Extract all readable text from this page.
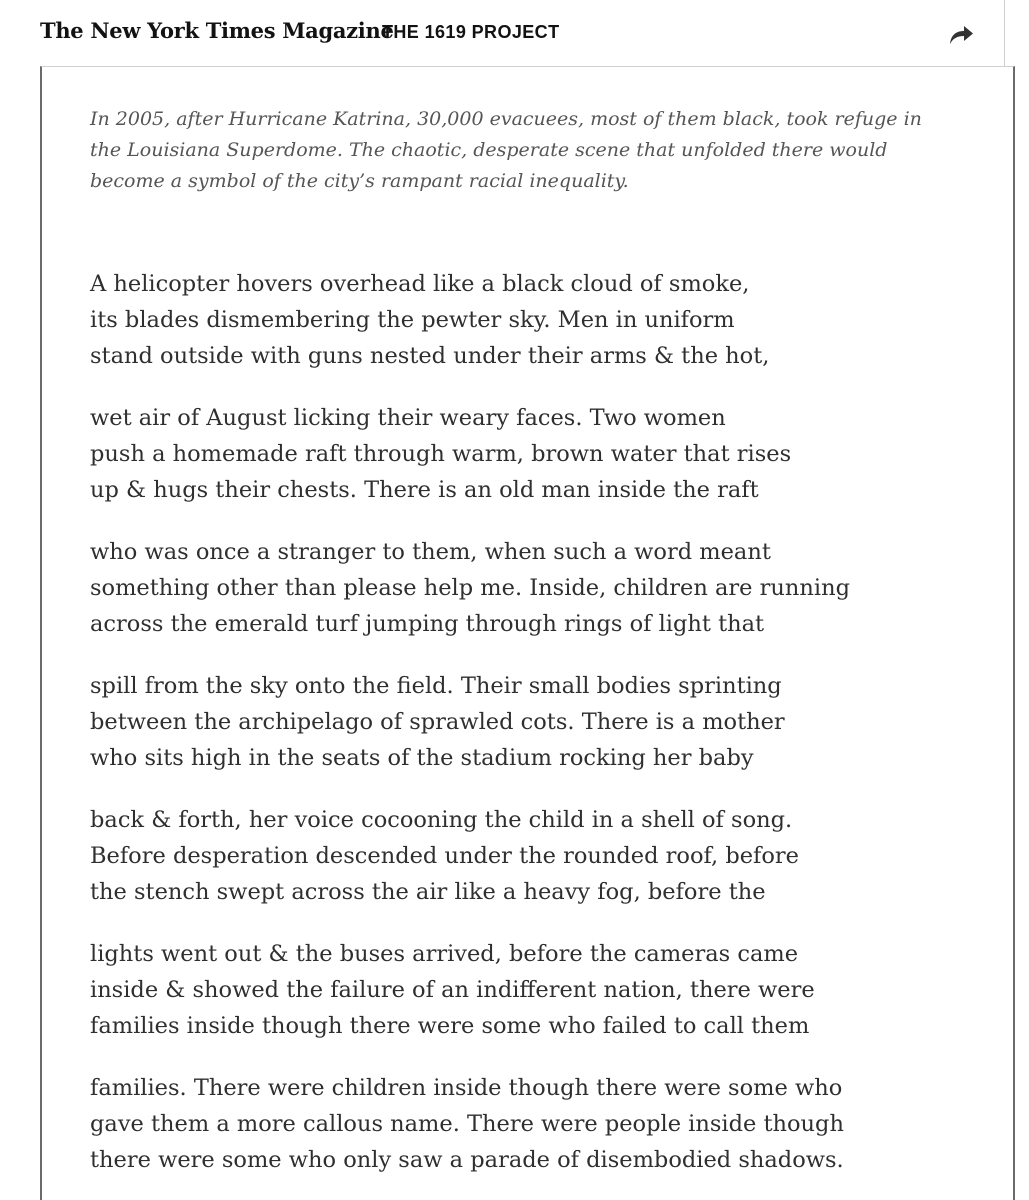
The New York Times Magazine
THE 1619 PROJECT

In 2005, after Hurricane Katrina, 30,000 evacuees, most of them black, took refuge in the Louisiana Superdome. The chaotic, desperate scene that unfolded there would become a symbol of the city’s rampant racial inequality.

A helicopter hovers overhead like a black cloud of smoke,
its blades dismembering the pewter sky. Men in uniform
stand outside with guns nested under their arms & the hot,
wet air of August licking their weary faces. Two women
push a homemade raft through warm, brown water that rises
up & hugs their chests. There is an old man inside the raft
who was once a stranger to them, when such a word meant
something other than please help me. Inside, children are running
across the emerald turf jumping through rings of light that
spill from the sky onto the field. Their small bodies sprinting
between the archipelago of sprawled cots. There is a mother
who sits high in the seats of the stadium rocking her baby
back & forth, her voice cocooning the child in a shell of song.
Before desperation descended under the rounded roof, before
the stench swept across the air like a heavy fog, before the
lights went out & the buses arrived, before the cameras came
inside & showed the failure of an indifferent nation, there were
families inside though there were some who failed to call them
families. There were children inside though there were some who
gave them a more callous name. There were people inside though
there were some who only saw a parade of disembodied shadows.
